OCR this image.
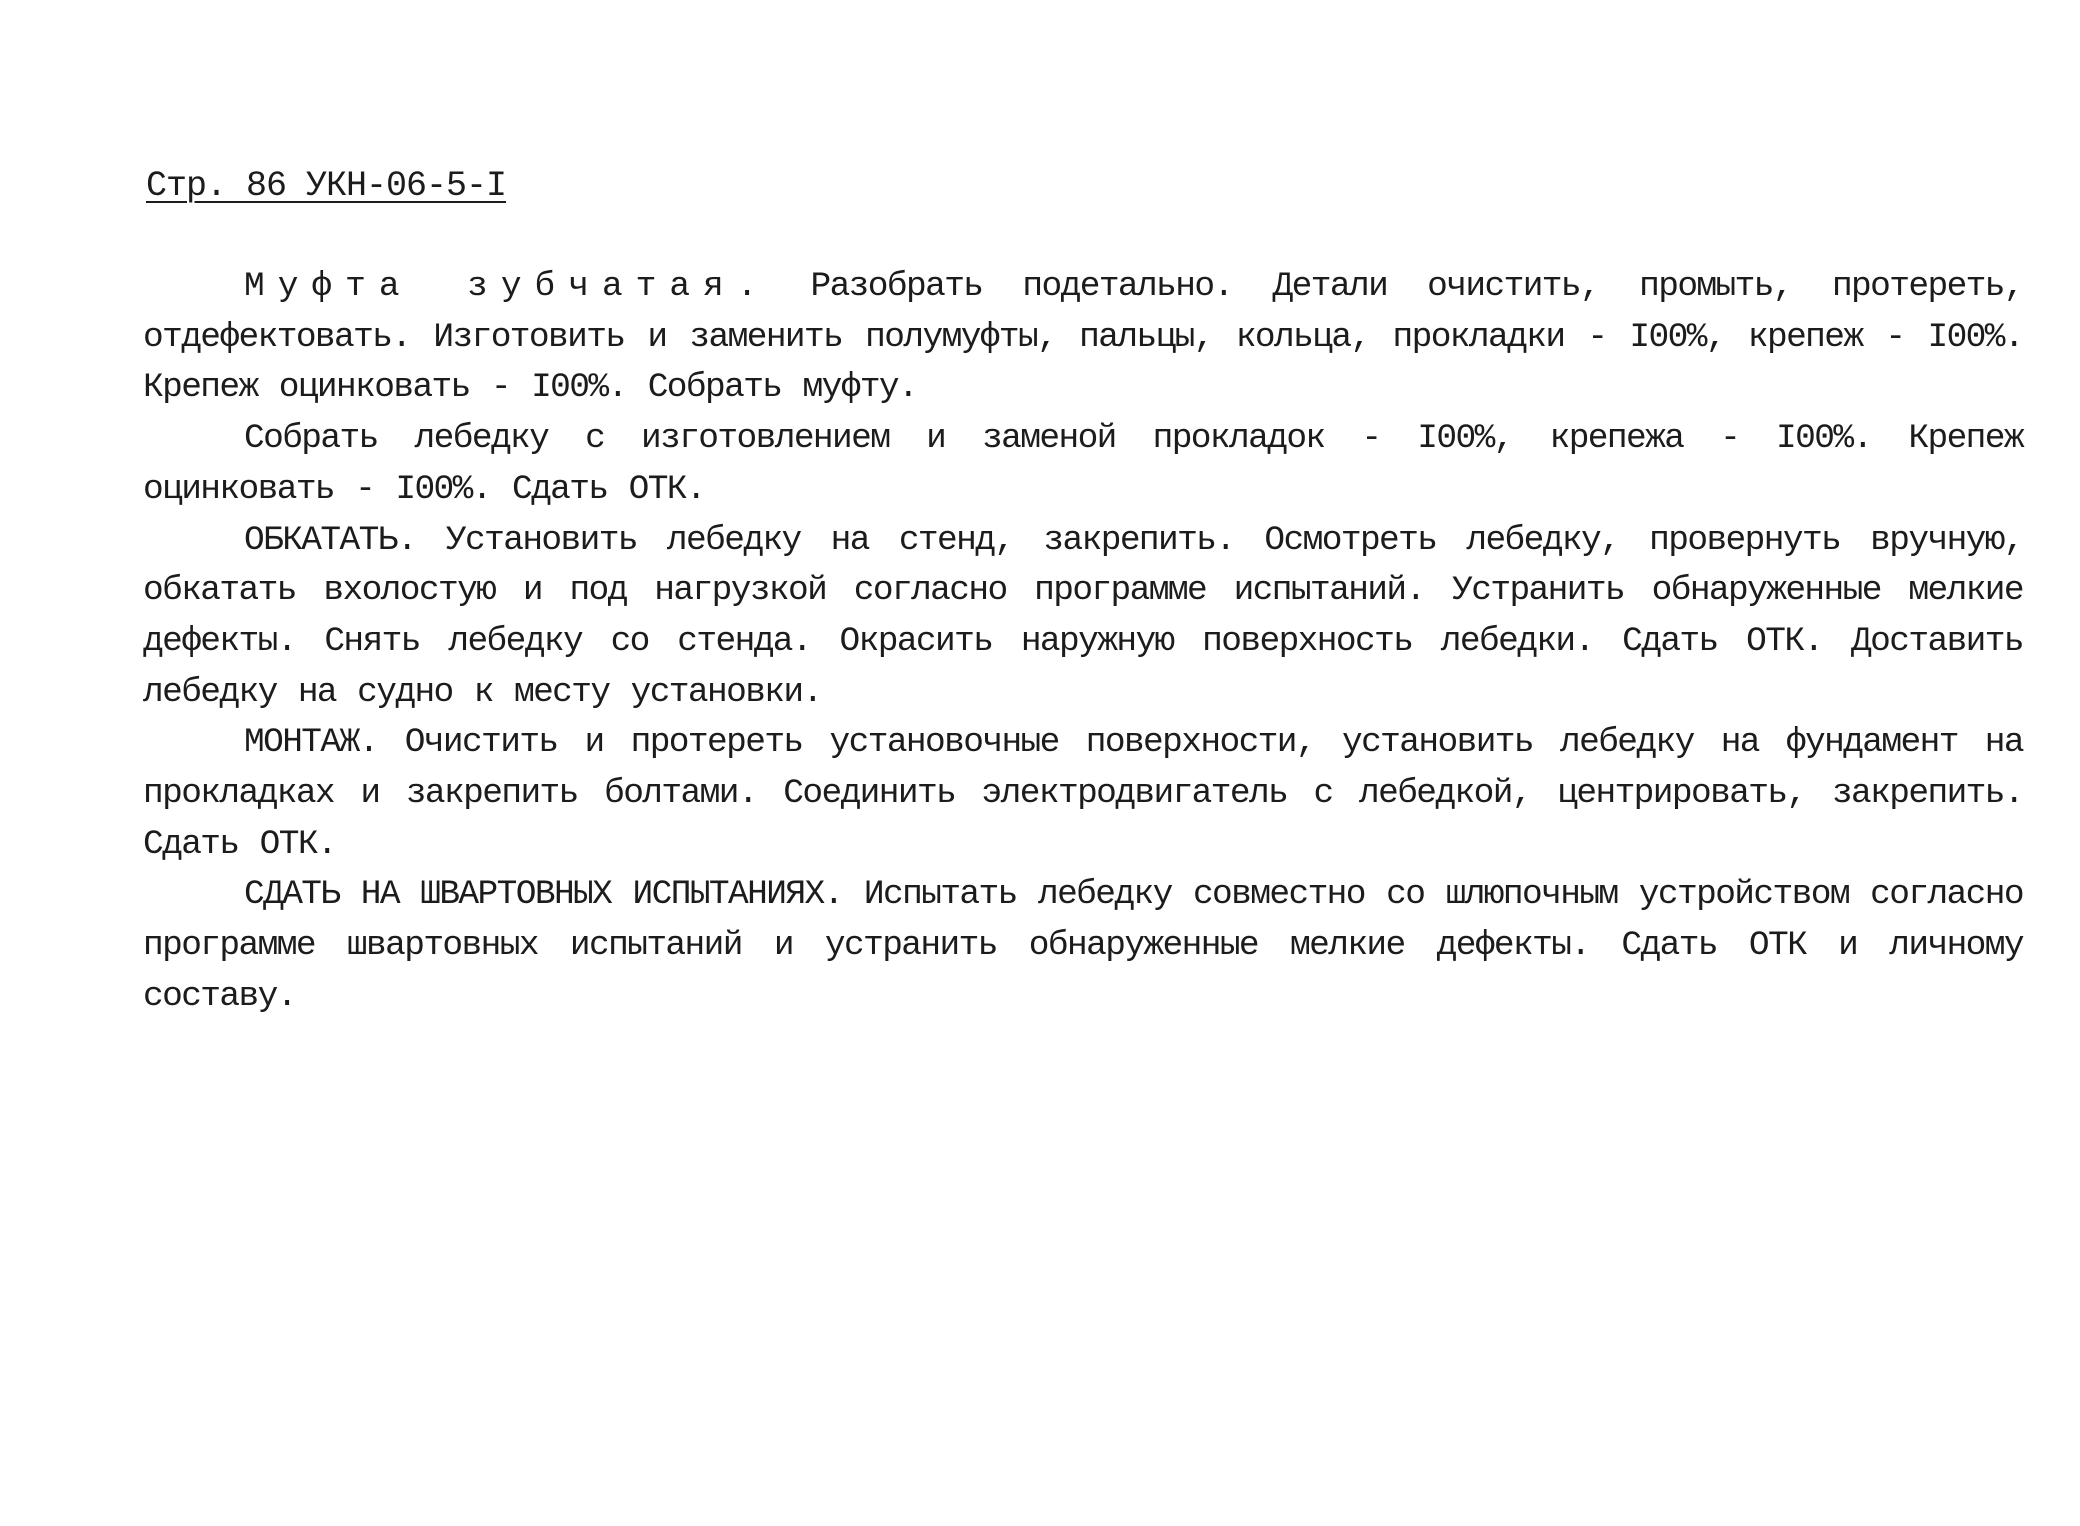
Стр. 86 УКН-06-5-I

Муфта зубчатая. Разобрать подетально. Детали очистить, промыть, протереть, отдефектовать. Изготовить и заменить полумуфты, пальцы, кольца, прокладки - I00%, крепеж - I00%. Крепеж оцинковать - I00%. Собрать муфту.

Собрать лебедку с изготовлением и заменой прокладок - I00%, крепежа - I00%. Крепеж оцинковать - I00%. Сдать ОТК.

ОБКАТАТЬ. Установить лебедку на стенд, закрепить. Осмотреть лебедку, провернуть вручную, обкатать вхолостую и под нагрузкой согласно программе испытаний. Устранить обнаруженные мелкие дефекты. Снять лебедку со стенда. Окрасить наружную поверхность лебедки. Сдать ОТК. Доставить лебедку на судно к месту установки.

МОНТАЖ. Очистить и протереть установочные поверхности, установить лебедку на фундамент на прокладках и закрепить болтами. Соединить электродвигатель с лебедкой, центрировать, закрепить. Сдать ОТК.

СДАТЬ НА ШВАРТОВНЫХ ИСПЫТАНИЯХ. Испытать лебедку совместно со шлюпочным устройством согласно программе швартовных испытаний и устранить обнаруженные мелкие дефекты. Сдать ОТК и личному составу.
